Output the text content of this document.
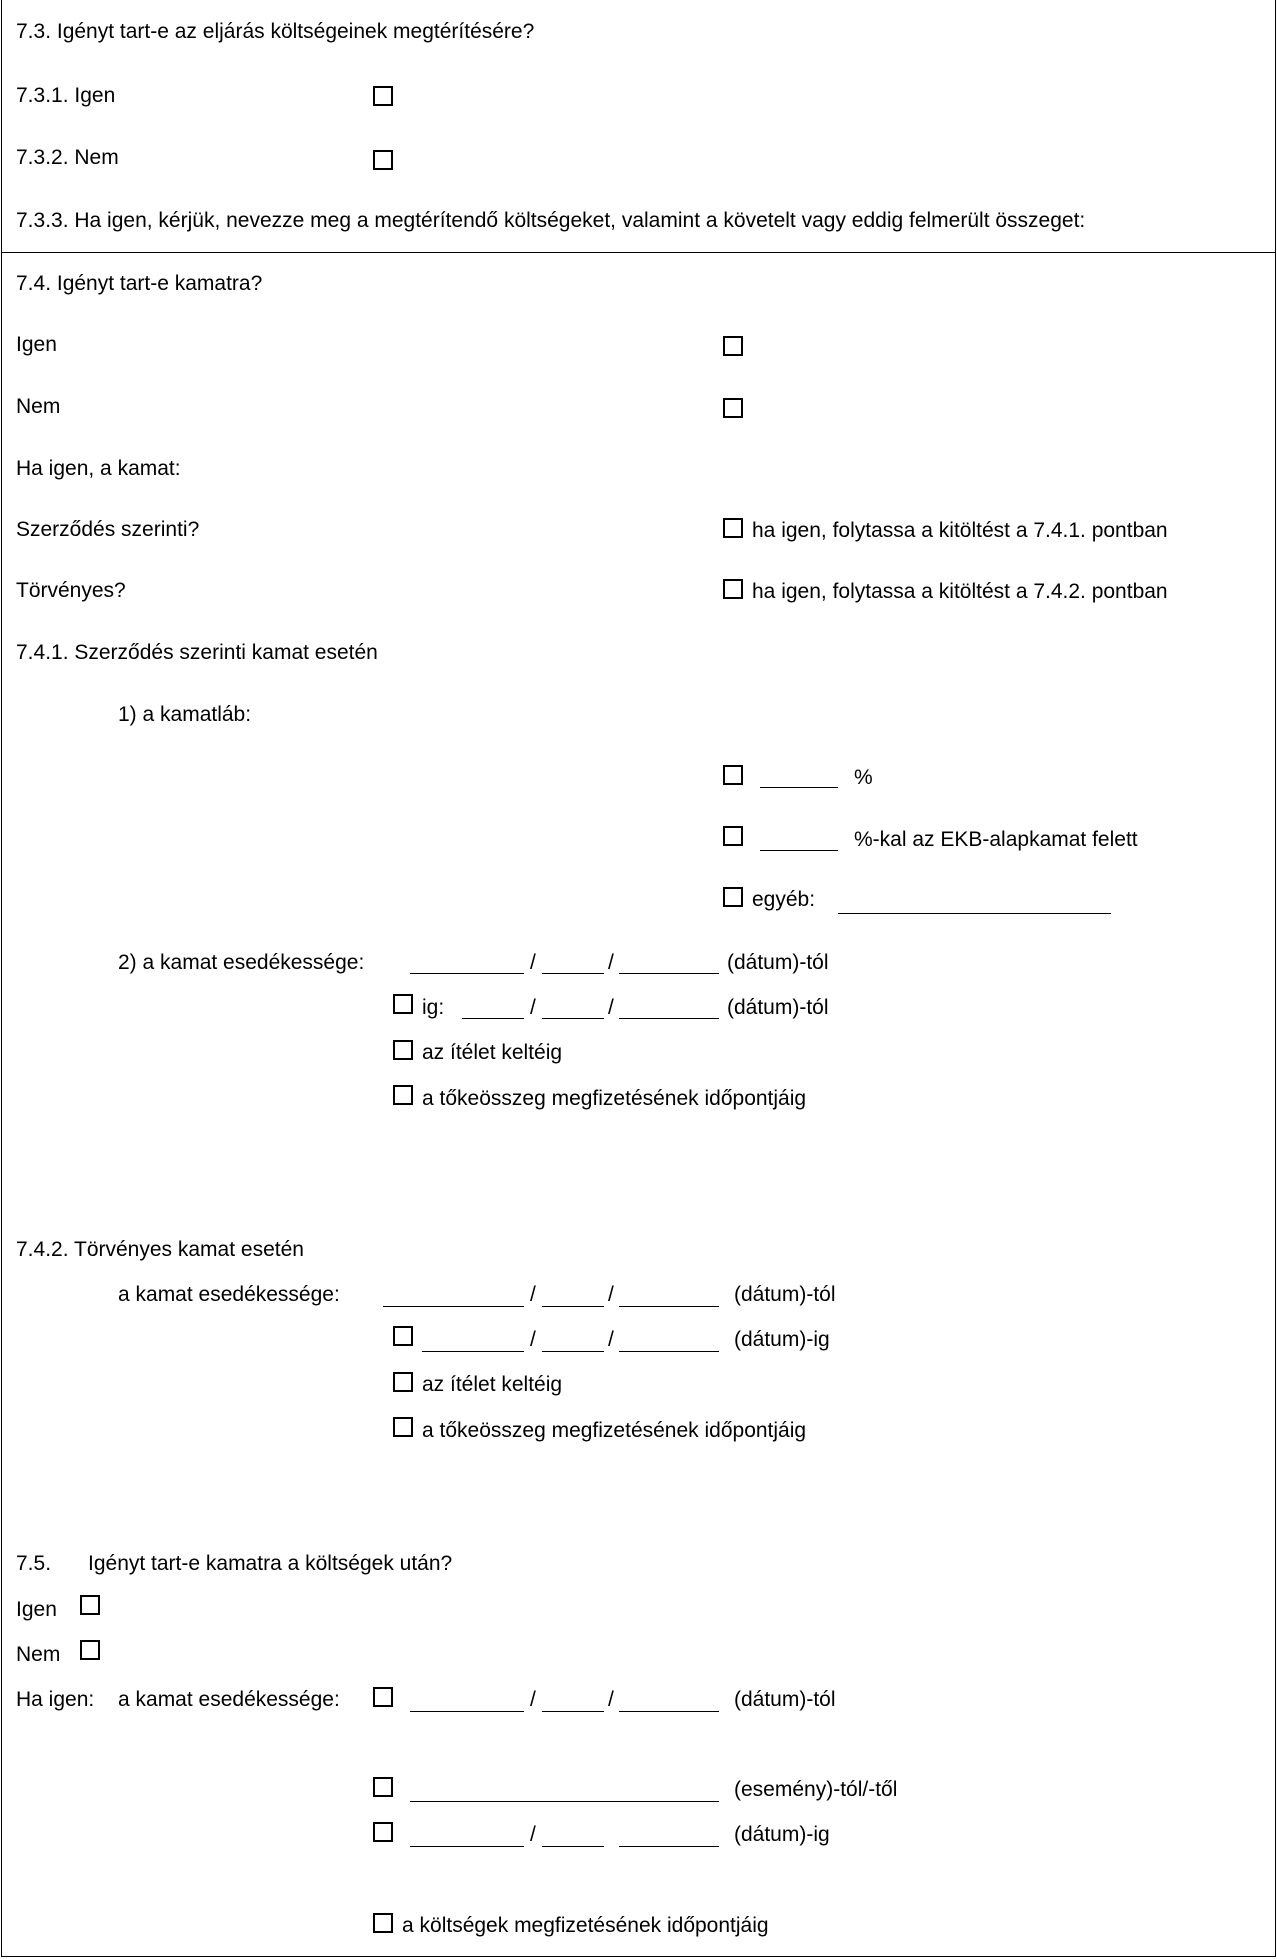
7.3. Igényt tart-e az eljárás költségeinek megtérítésére?
7.3.1. Igen
7.3.2. Nem
7.3.3. Ha igen, kérjük, nevezze meg a megtérítendő költségeket, valamint a követelt vagy eddig felmerült összeget:
7.4. Igényt tart-e kamatra?
Igen
Nem
Ha igen, a kamat:
Szerződés szerinti?	ha igen, folytassa a kitöltést a 7.4.1. pontban
Törvényes?	ha igen, folytassa a kitöltést a 7.4.2. pontban
7.4.1. Szerződés szerinti kamat esetén
1) a kamatláb:
%
%-kal az EKB-alapkamat felett
egyéb:
2) a kamat esedékessége:	/	/	(dátum)-tól
ig:	/	/	(dátum)-tól
az ítélet keltéig
a tőkeösszeg megfizetésének időpontjáig
7.4.2. Törvényes kamat esetén
a kamat esedékessége:	/	/	(dátum)-tól
/	/	(dátum)-ig
az ítélet keltéig
a tőkeösszeg megfizetésének időpontjáig
7.5. Igényt tart-e kamatra a költségek után?
Igen
Nem
Ha igen: a kamat esedékessége:	/	/	(dátum)-tól
(esemény)-tól/-től
/	(dátum)-ig
a költségek megfizetésének időpontjáig
